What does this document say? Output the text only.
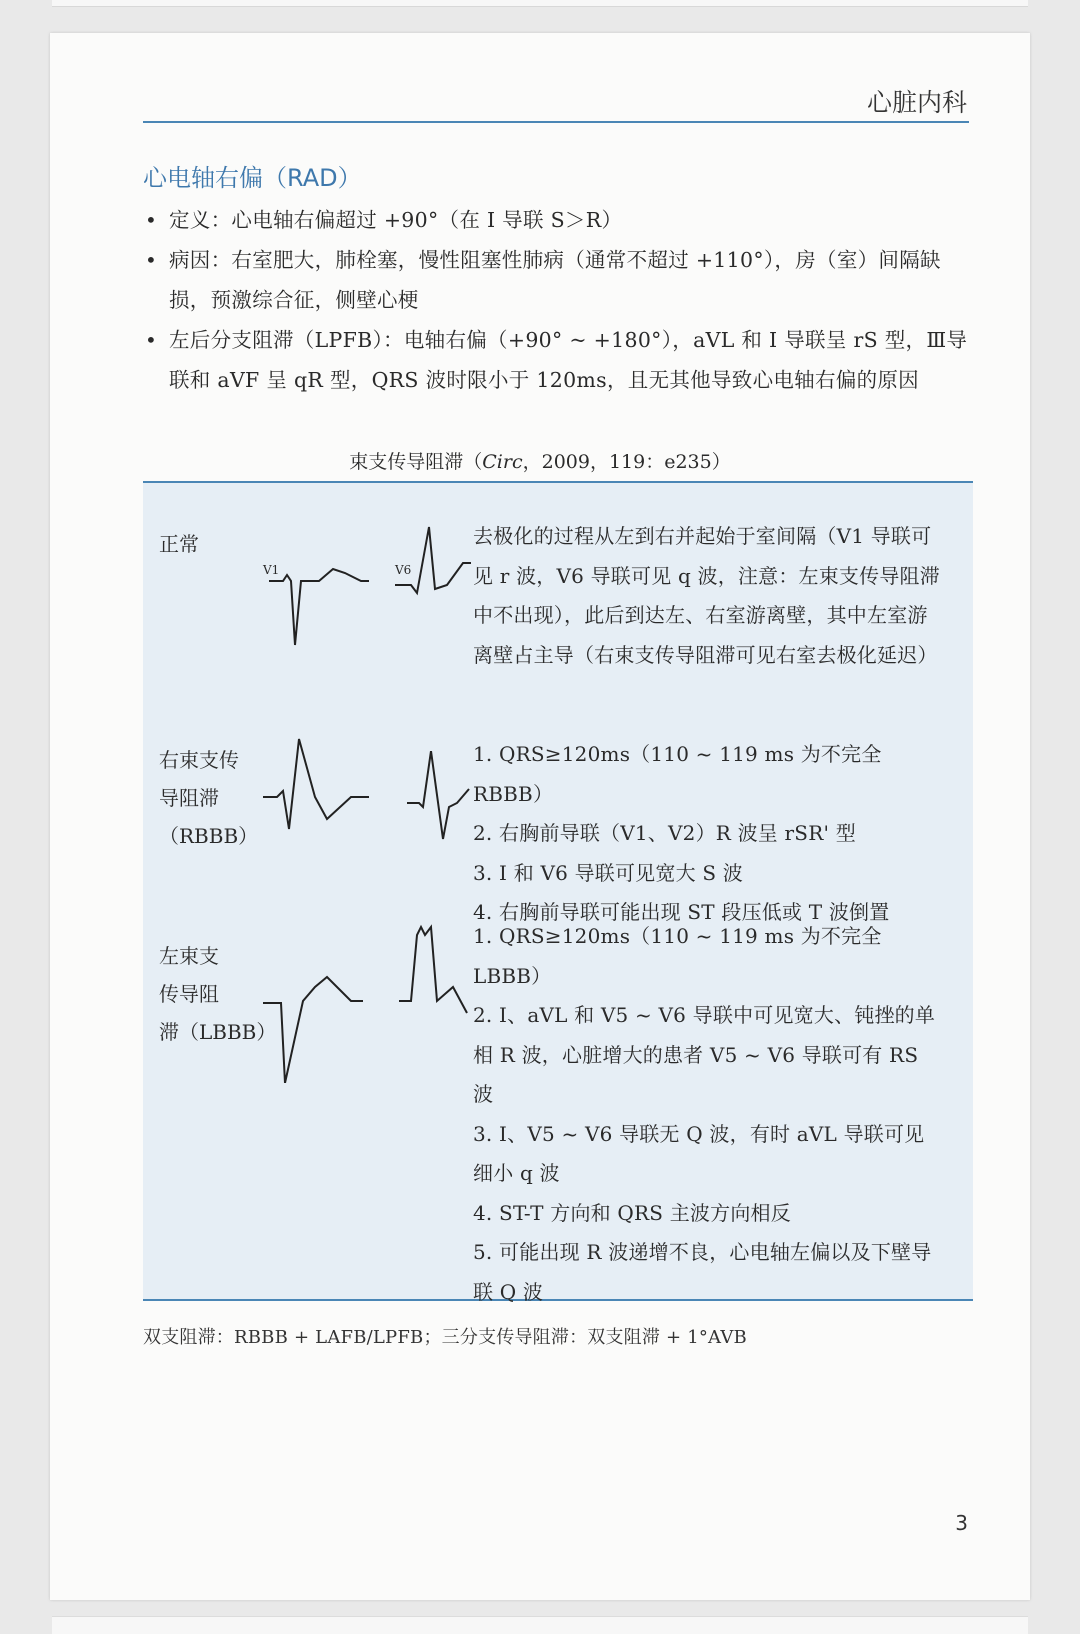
心脏内科
心电轴右偏（RAD）
• 定义：心电轴右偏超过 +90°（在 I 导联 S＞R）
• 病因：右室肥大，肺栓塞，慢性阻塞性肺病（通常不超过 +110°），房（室）间隔缺损，预激综合征，侧壁心梗
• 左后分支阻滞（LPFB）：电轴右偏（+90° ~ +180°），aVL 和 I 导联呈 rS 型，Ⅲ导联和 aVF 呈 qR 型，QRS 波时限小于 120ms，且无其他导致心电轴右偏的原因
束支传导阻滞（Circ，2009，119：e235）
正常
V1	V6

去极化的过程从左到右并起始于室间隔（V1 导联可见 r 波，V6 导联可见 q 波，注意：左束支传导阻滞中不出现），此后到达左、右室游离壁，其中左室游离壁占主导（右束支传导阻滞可见右室去极化延迟）

右束支传
导阻滞
（RBBB）

1. QRS≥120ms（110 ~ 119 ms 为不完全 RBBB）

2. 右胸前导联（V1、V2）R 波呈 rSR' 型

3. I 和 V6 导联可见宽大 S 波

4. 右胸前导联可能出现 ST 段压低或 T 波倒置

左束支
传导阻
滞（LBBB）

1. QRS≥120ms（110 ~ 119 ms 为不完全 LBBB）

2. I、aVL 和 V5 ~ V6 导联中可见宽大、钝挫的单相 R 波，心脏增大的患者 V5 ~ V6 导联可有 RS 波

3. I、V5 ~ V6 导联无 Q 波，有时 aVL 导联可见细小 q 波

4. ST-T 方向和 QRS 主波方向相反

5. 可能出现 R 波递增不良，心电轴左偏以及下壁导联 Q 波

双支阻滞：RBBB + LAFB/LPFB；三分支传导阻滞：双支阻滞 + 1°AVB
3
